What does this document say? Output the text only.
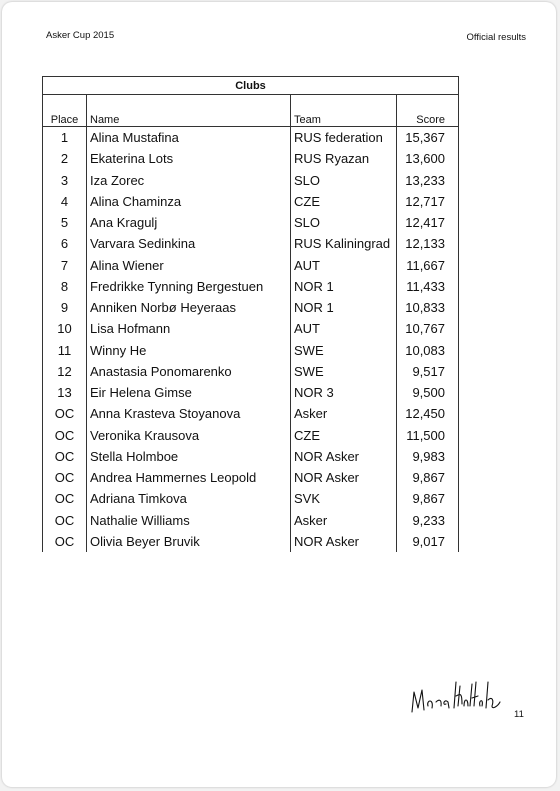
Asker Cup 2015	Official results
Clubs			

Place	Name	Team	Score
1	Alina Mustafina	RUS federation	15,367
2	Ekaterina Lots	RUS Ryazan	13,600
3	Iza Zorec	SLO	13,233
4	Alina Chaminza	CZE	12,717
5	Ana Kragulj	SLO	12,417
6	Varvara Sedinkina	RUS Kaliningrad	12,133
7	Alina Wiener	AUT	11,667
8	Fredrikke Tynning Bergestuen	NOR 1	11,433
9	Anniken Norbø Heyeraas	NOR 1	10,833
10	Lisa Hofmann	AUT	10,767
11	Winny He	SWE	10,083
12	Anastasia Ponomarenko	SWE	9,517
13	Eir Helena Gimse	NOR 3	9,500
OC	Anna Krasteva Stoyanova	Asker	12,450
OC	Veronika Krausova	CZE	11,500
OC	Stella Holmboe	NOR Asker	9,983
OC	Andrea Hammernes Leopold	NOR Asker	9,867
OC	Adriana Timkova	SVK	9,867
OC	Nathalie Williams	Asker	9,233
OC	Olivia Beyer Bruvik	NOR Asker	9,017
11
